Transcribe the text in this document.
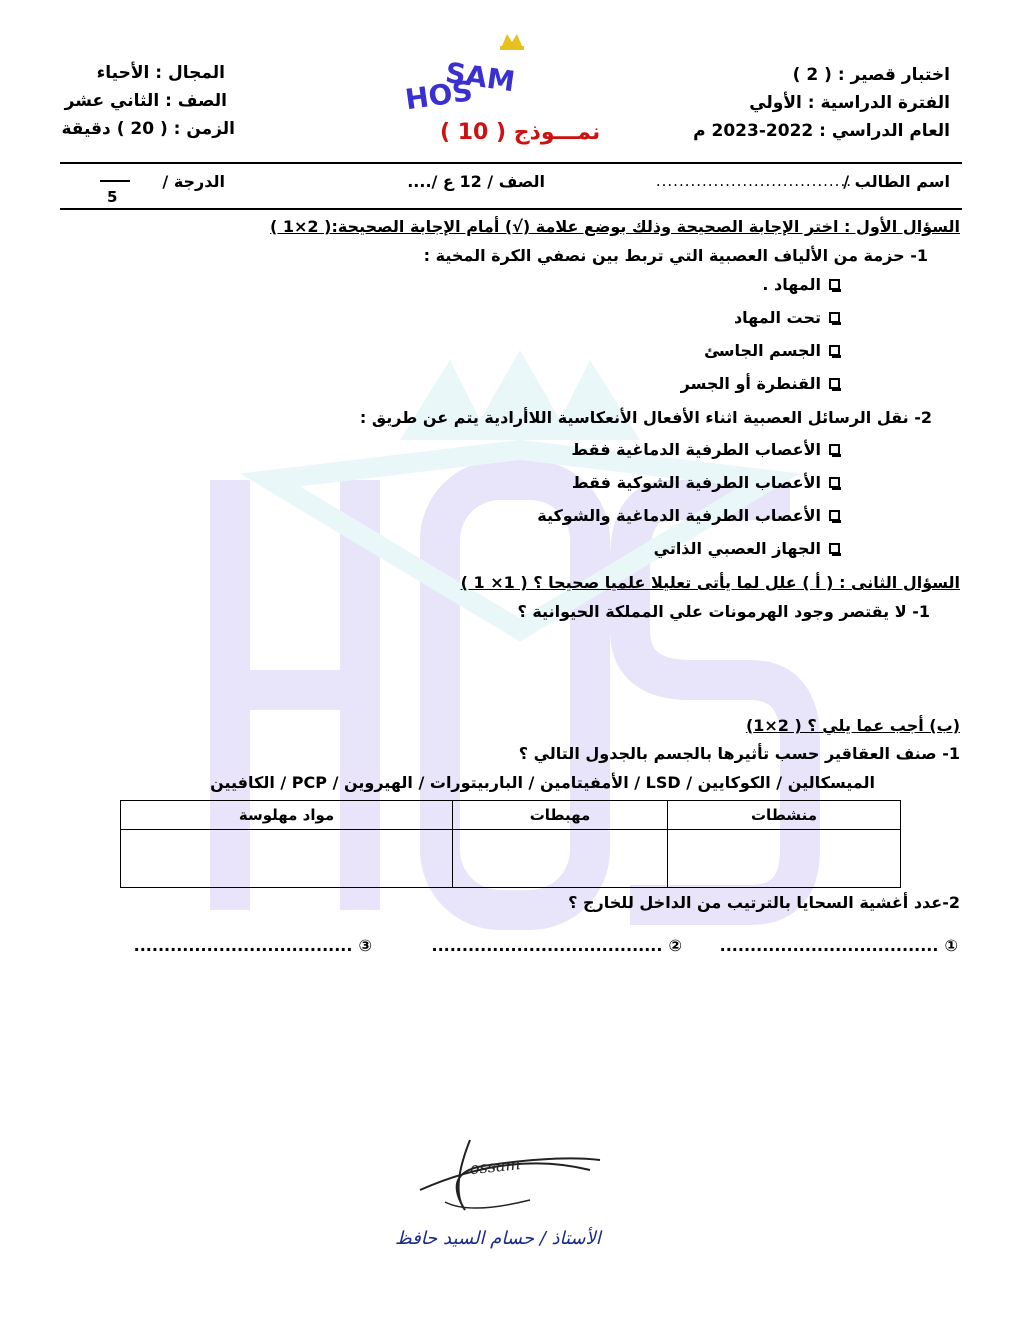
اختبار قصير : ( 2 )
الفترة الدراسية : الأولي
العام الدراسي : 2022-2023 م
المجال : الأحياء
الصف : الثاني عشر
الزمن : ( 20 ) دقيقة
HOS
SAM
نمـــوذج ( 10 )
اسم الطالب /
..................................
الصف / 12 ع /....
الدرجة /
5
السؤال الأول : اختر الإجابة الصحيحة وذلك بوضع علامة (√) أمام الإجابة الصحيحة:( 2×1 )
1- حزمة من الألياف العصبية التي تربط بين نصفي الكرة المخية :
المهاد .
تحت المهاد
الجسم الجاسئ
القنطرة أو الجسر
2- نقل الرسائل العصبية اثناء الأفعال الأنعكاسية اللاأرادية يتم عن طريق :
الأعصاب الطرفية الدماغية فقط
الأعصاب الطرفية الشوكية فقط
الأعصاب الطرفية الدماغية والشوكية
الجهاز العصبي الذاتي
السؤال الثانى : ( أ ) علل لما يأتى تعليلا علميا صحيحا ؟ ( 1× 1 )
1- لا يقتصر وجود الهرمونات علي المملكة الحيوانية ؟
(ب) أجب عما يلي ؟ ( 2×1)
1- صنف العقاقير حسب تأثيرها بالجسم بالجدول التالي ؟
الميسكالين / الكوكايين / LSD / الأمفيتامين / الباربيتورات / الهيروين / PCP / الكافيين
منشطات	مهبطات	مواد مهلوسة

2-عدد أغشية السحايا بالترتيب من الداخل للخارج ؟
①
....................................
②
......................................
③
....................................
ossam
الأستاذ / حسام السيد حافظ
